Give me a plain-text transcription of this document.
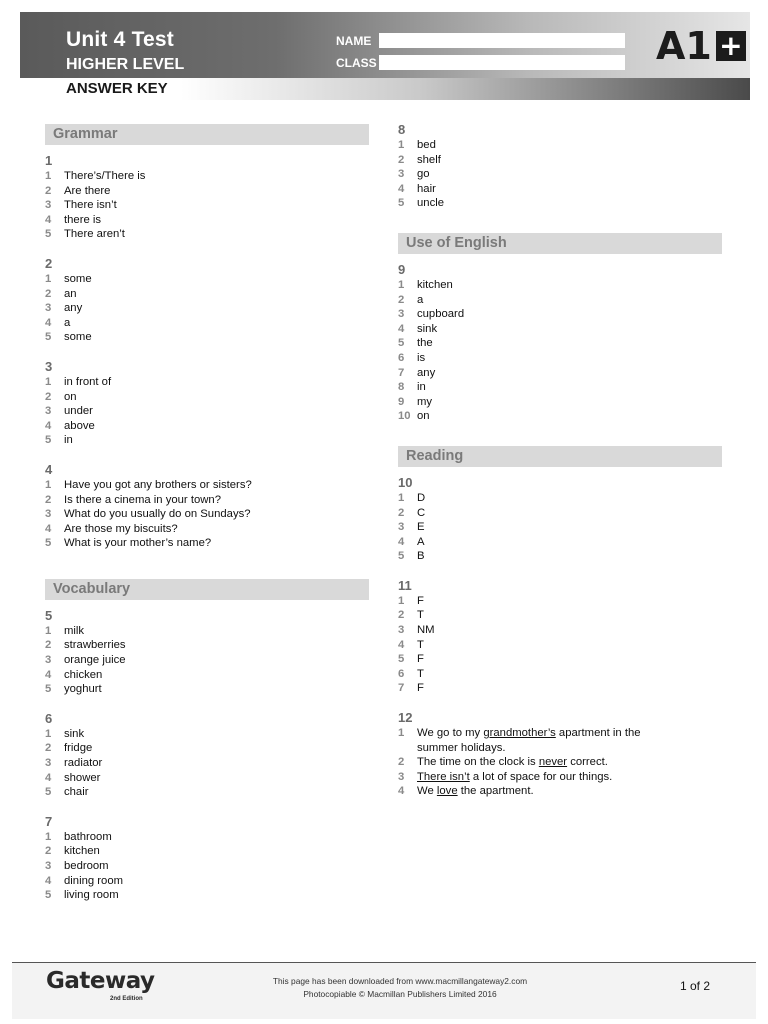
Unit 4 Test
HIGHER LEVEL
NAME
CLASS	A 1 +
ANSWER KEY
Grammar
1
1	There’s/There is
2	Are there
3	There isn’t
4	there is
5	There aren’t
2
1	some
2	an
3	any
4	a
5	some
3
1	in front of
2	on
3	under
4	above
5	in
4
1	Have you got any brothers or sisters?
2	Is there a cinema in your town?
3	What do you usually do on Sundays?
4	Are those my biscuits?
5	What is your mother’s name?
Vocabulary
5
1	milk
2	strawberries
3	orange juice
4	chicken
5	yoghurt
6
1	sink
2	fridge
3	radiator
4	shower
5	chair
7
1	bathroom
2	kitchen
3	bedroom
4	dining room
5	living room
8
1	bed
2	shelf
3	go
4	hair
5	uncle
Use of English
9
1	kitchen
2	a
3	cupboard
4	sink
5	the
6	is
7	any
8	in
9	my
10 on
Reading
10
1	D
2	C
3	E
4	A
5	B
11
1	F
2	T
3	NM
4	T
5	F
6	T
7	F
12
1	We go to my grandmother’s apartment in the
summer holidays.
2	The time on the clock is never correct.
3	There isn’t a lot of space for our things.
4	We love the apartment.
Gateway
2nd Edition
This page has been downloaded from www.macmillangateway2.com
Photocopiable © Macmillan Publishers Limited 2016
1 of 2
